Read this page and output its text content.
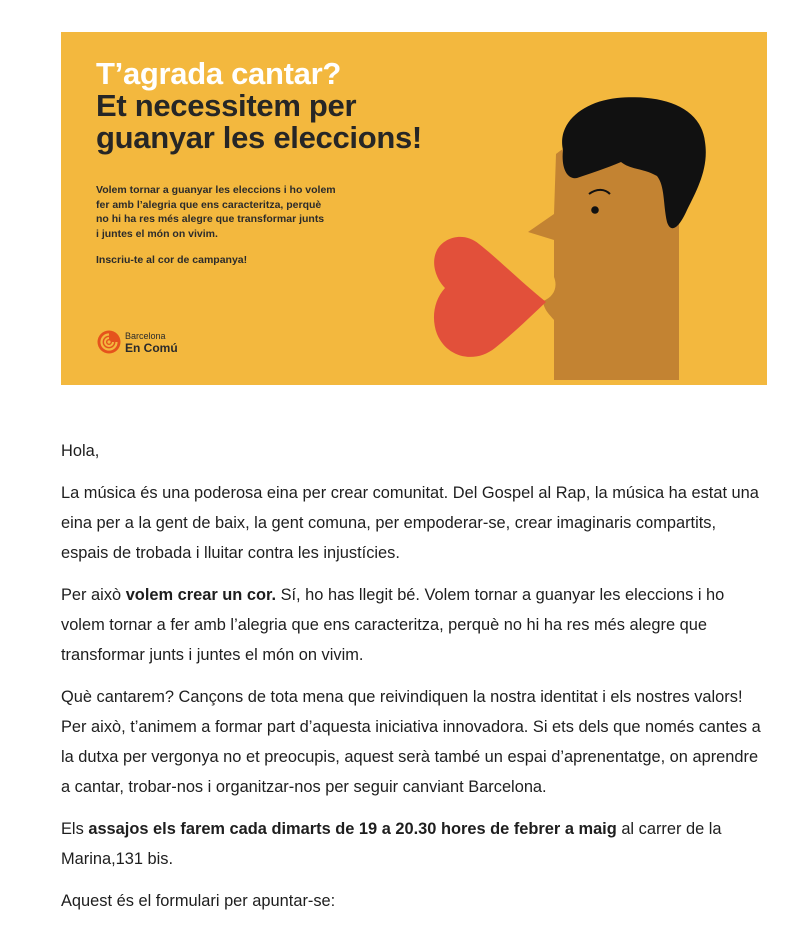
T’agrada cantar?
Et necessitem per
guanyar les eleccions!

Volem tornar a guanyar les eleccions i ho volem
fer amb l’alegria que ens caracteritza, perquè
no hi ha res més alegre que transformar junts
i juntes el món on vivim.

Inscriu-te al cor de campanya!

Barcelona
En Comú

Hola,

La música és una poderosa eina per crear comunitat. Del Gospel al Rap, la música ha estat una eina per a la gent de baix, la gent comuna, per empoderar-se, crear imaginaris compartits, espais de trobada i lluitar contra les injustícies.

Per això volem crear un cor. Sí, ho has llegit bé. Volem tornar a guanyar les eleccions i ho volem tornar a fer amb l’alegria que ens caracteritza, perquè no hi ha res més alegre que transformar junts i juntes el món on vivim.

Què cantarem? Cançons de tota mena que reivindiquen la nostra identitat i els nostres valors! Per això, t’animem a formar part d’aquesta iniciativa innovadora. Si ets dels que només cantes a la dutxa per vergonya no et preocupis, aquest serà també un espai d’aprenentatge, on aprendre a cantar, trobar-nos i organitzar-nos per seguir canviant Barcelona.

Els assajos els farem cada dimarts de 19 a 20.30 hores de febrer a maig al carrer de la Marina,131 bis.

Aquest és el formulari per apuntar-se:
